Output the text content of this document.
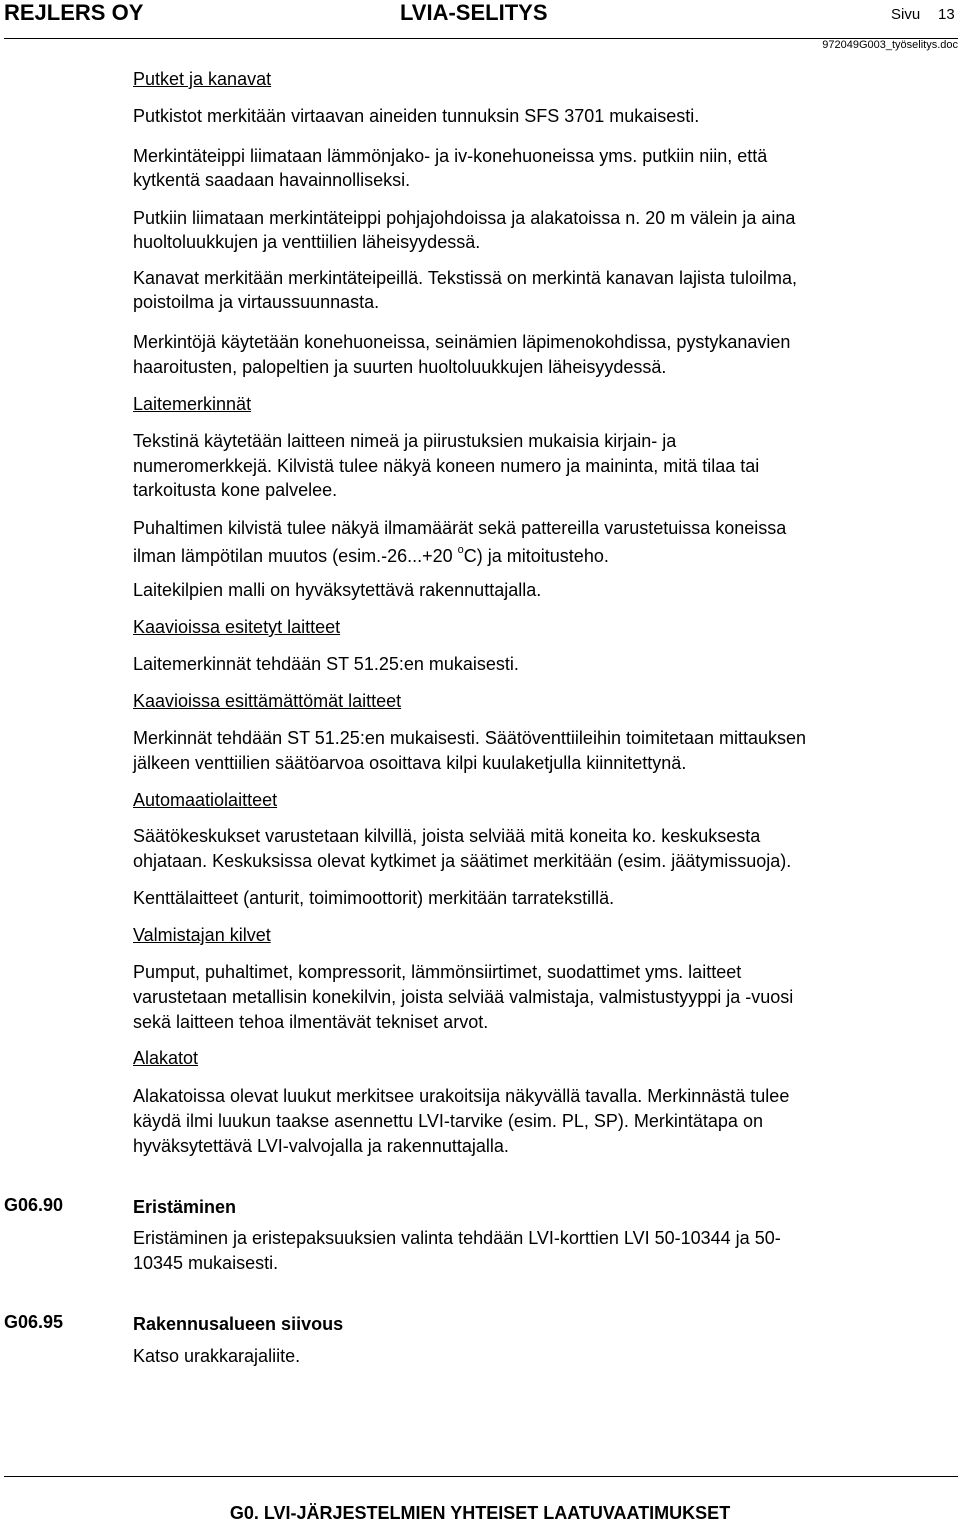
REJLERS OY	LVIA-SELITYS	Sivu 13
972049G003_työselitys.doc
Putket ja kanavat
Putkistot merkitään virtaavan aineiden tunnuksin SFS 3701 mukaisesti.
Merkintäteippi liimataan lämmönjako- ja iv-konehuoneissa yms. putkiin niin, että
kytkentä saadaan havainnolliseksi.
Putkiin liimataan merkintäteippi pohjajohdoissa ja alakatoissa n. 20 m välein ja aina
huoltoluukkujen ja venttiilien läheisyydessä.
Kanavat merkitään merkintäteipeillä. Tekstissä on merkintä kanavan lajista tuloilma,
poistoilma ja virtaussuunnasta.
Merkintöjä käytetään konehuoneissa, seinämien läpimenokohdissa, pystykanavien
haaroitusten, palopeltien ja suurten huoltoluukkujen läheisyydessä.
Laitemerkinnät
Tekstinä käytetään laitteen nimeä ja piirustuksien mukaisia kirjain- ja
numeromerkkejä. Kilvistä tulee näkyä koneen numero ja maininta, mitä tilaa tai
tarkoitusta kone palvelee.
Puhaltimen kilvistä tulee näkyä ilmamäärät sekä pattereilla varustetuissa koneissa
ilman lämpötilan muutos (esim.-26...+20 $^o$C) ja mitoitusteho.
Laitekilpien malli on hyväksytettävä rakennuttajalla.
Kaavioissa esitetyt laitteet
Laitemerkinnät tehdään ST 51.25:en mukaisesti.
Kaavioissa esittämättömät laitteet
Merkinnät tehdään ST 51.25:en mukaisesti. Säätöventtiileihin toimitetaan mittauksen
jälkeen venttiilien säätöarvoa osoittava kilpi kuulaketjulla kiinnitettynä.
Automaatiolaitteet
Säätökeskukset varustetaan kilvillä, joista selviää mitä koneita ko. keskuksesta
ohjataan. Keskuksissa olevat kytkimet ja säätimet merkitään (esim. jäätymissuoja).
Kenttälaitteet (anturit, toimimoottorit) merkitään tarratekstillä.
Valmistajan kilvet
Pumput, puhaltimet, kompressorit, lämmönsiirtimet, suodattimet yms. laitteet
varustetaan metallisin konekilvin, joista selviää valmistaja, valmistustyyppi ja -vuosi
sekä laitteen tehoa ilmentävät tekniset arvot.
Alakatot
Alakatoissa olevat luukut merkitsee urakoitsija näkyvällä tavalla. Merkinnästä tulee
käydä ilmi luukun taakse asennettu LVI-tarvike (esim. PL, SP). Merkintätapa on
hyväksytettävä LVI-valvojalla ja rakennuttajalla.
G06.90	Eristäminen
Eristäminen ja eristepaksuuksien valinta tehdään LVI-korttien LVI 50-10344 ja 50-
10345 mukaisesti.
G06.95	Rakennusalueen siivous
Katso urakkarajaliite.
G0. LVI-JÄRJESTELMIEN YHTEISET LAATUVAATIMUKSET
